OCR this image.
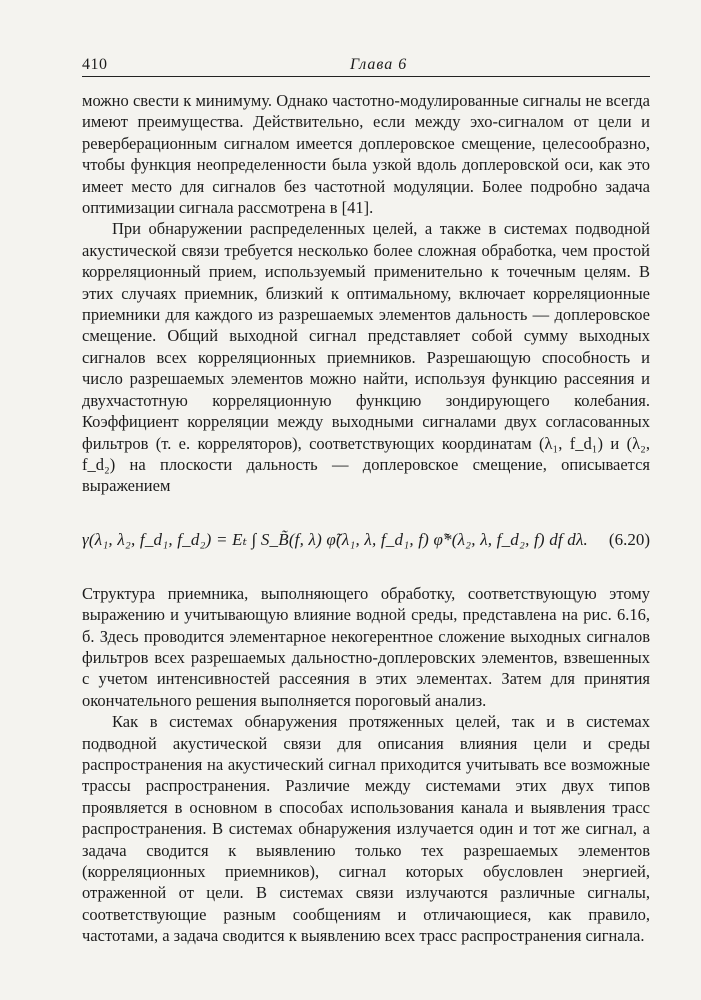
410	Глава 6

можно свести к минимуму. Однако частотно-модулированные сигналы не всегда имеют преимущества. Действительно, если между эхо-сигналом от цели и реверберационным сигналом имеется доплеровское смещение, целесообразно, чтобы функция неопределенности была узкой вдоль доплеровской оси, как это имеет место для сигналов без частотной модуляции. Более подробно задача оптимизации сигнала рассмотрена в [41].

При обнаружении распределенных целей, а также в системах подводной акустической связи требуется несколько более сложная обработка, чем простой корреляционный прием, используемый применительно к точечным целям. В этих случаях приемник, близкий к оптимальному, включает корреляционные приемники для каждого из разрешаемых элементов дальность — доплеровское смещение. Общий выходной сигнал представляет собой сумму выходных сигналов всех корреляционных приемников. Разрешающую способность и число разрешаемых элементов можно найти, используя функцию рассеяния и двухчастотную корреляционную функцию зондирующего колебания. Коэффициент корреляции между выходными сигналами двух согласованных фильтров (т. е. корреляторов), соответствующих координатам (λ₁, f_d₁) и (λ₂, f_d₂) на плоскости дальность — доплеровское смещение, описывается выражением

γ(λ₁, λ₂, f_d₁, f_d₂) = Eₜ ∫ S_B̃(f, λ) φ̃(λ₁, λ, f_d₁, f) φ̃*(λ₂, λ, f_d₂, f) df dλ. (6.20)

Структура приемника, выполняющего обработку, соответствующую этому выражению и учитывающую влияние водной среды, представлена на рис. 6.16, б. Здесь проводится элементарное некогерентное сложение выходных сигналов фильтров всех разрешаемых дальностно-доплеровских элементов, взвешенных с учетом интенсивностей рассеяния в этих элементах. Затем для принятия окончательного решения выполняется пороговый анализ.

Как в системах обнаружения протяженных целей, так и в системах подводной акустической связи для описания влияния цели и среды распространения на акустический сигнал приходится учитывать все возможные трассы распространения. Различие между системами этих двух типов проявляется в основном в способах использования канала и выявления трасс распространения. В системах обнаружения излучается один и тот же сигнал, а задача сводится к выявлению только тех разрешаемых элементов (корреляционных приемников), сигнал которых обусловлен энергией, отраженной от цели. В системах связи излучаются различные сигналы, соответствующие разным сообщениям и отличающиеся, как правило, частотами, а задача сводится к выявлению всех трасс распространения сигнала.
